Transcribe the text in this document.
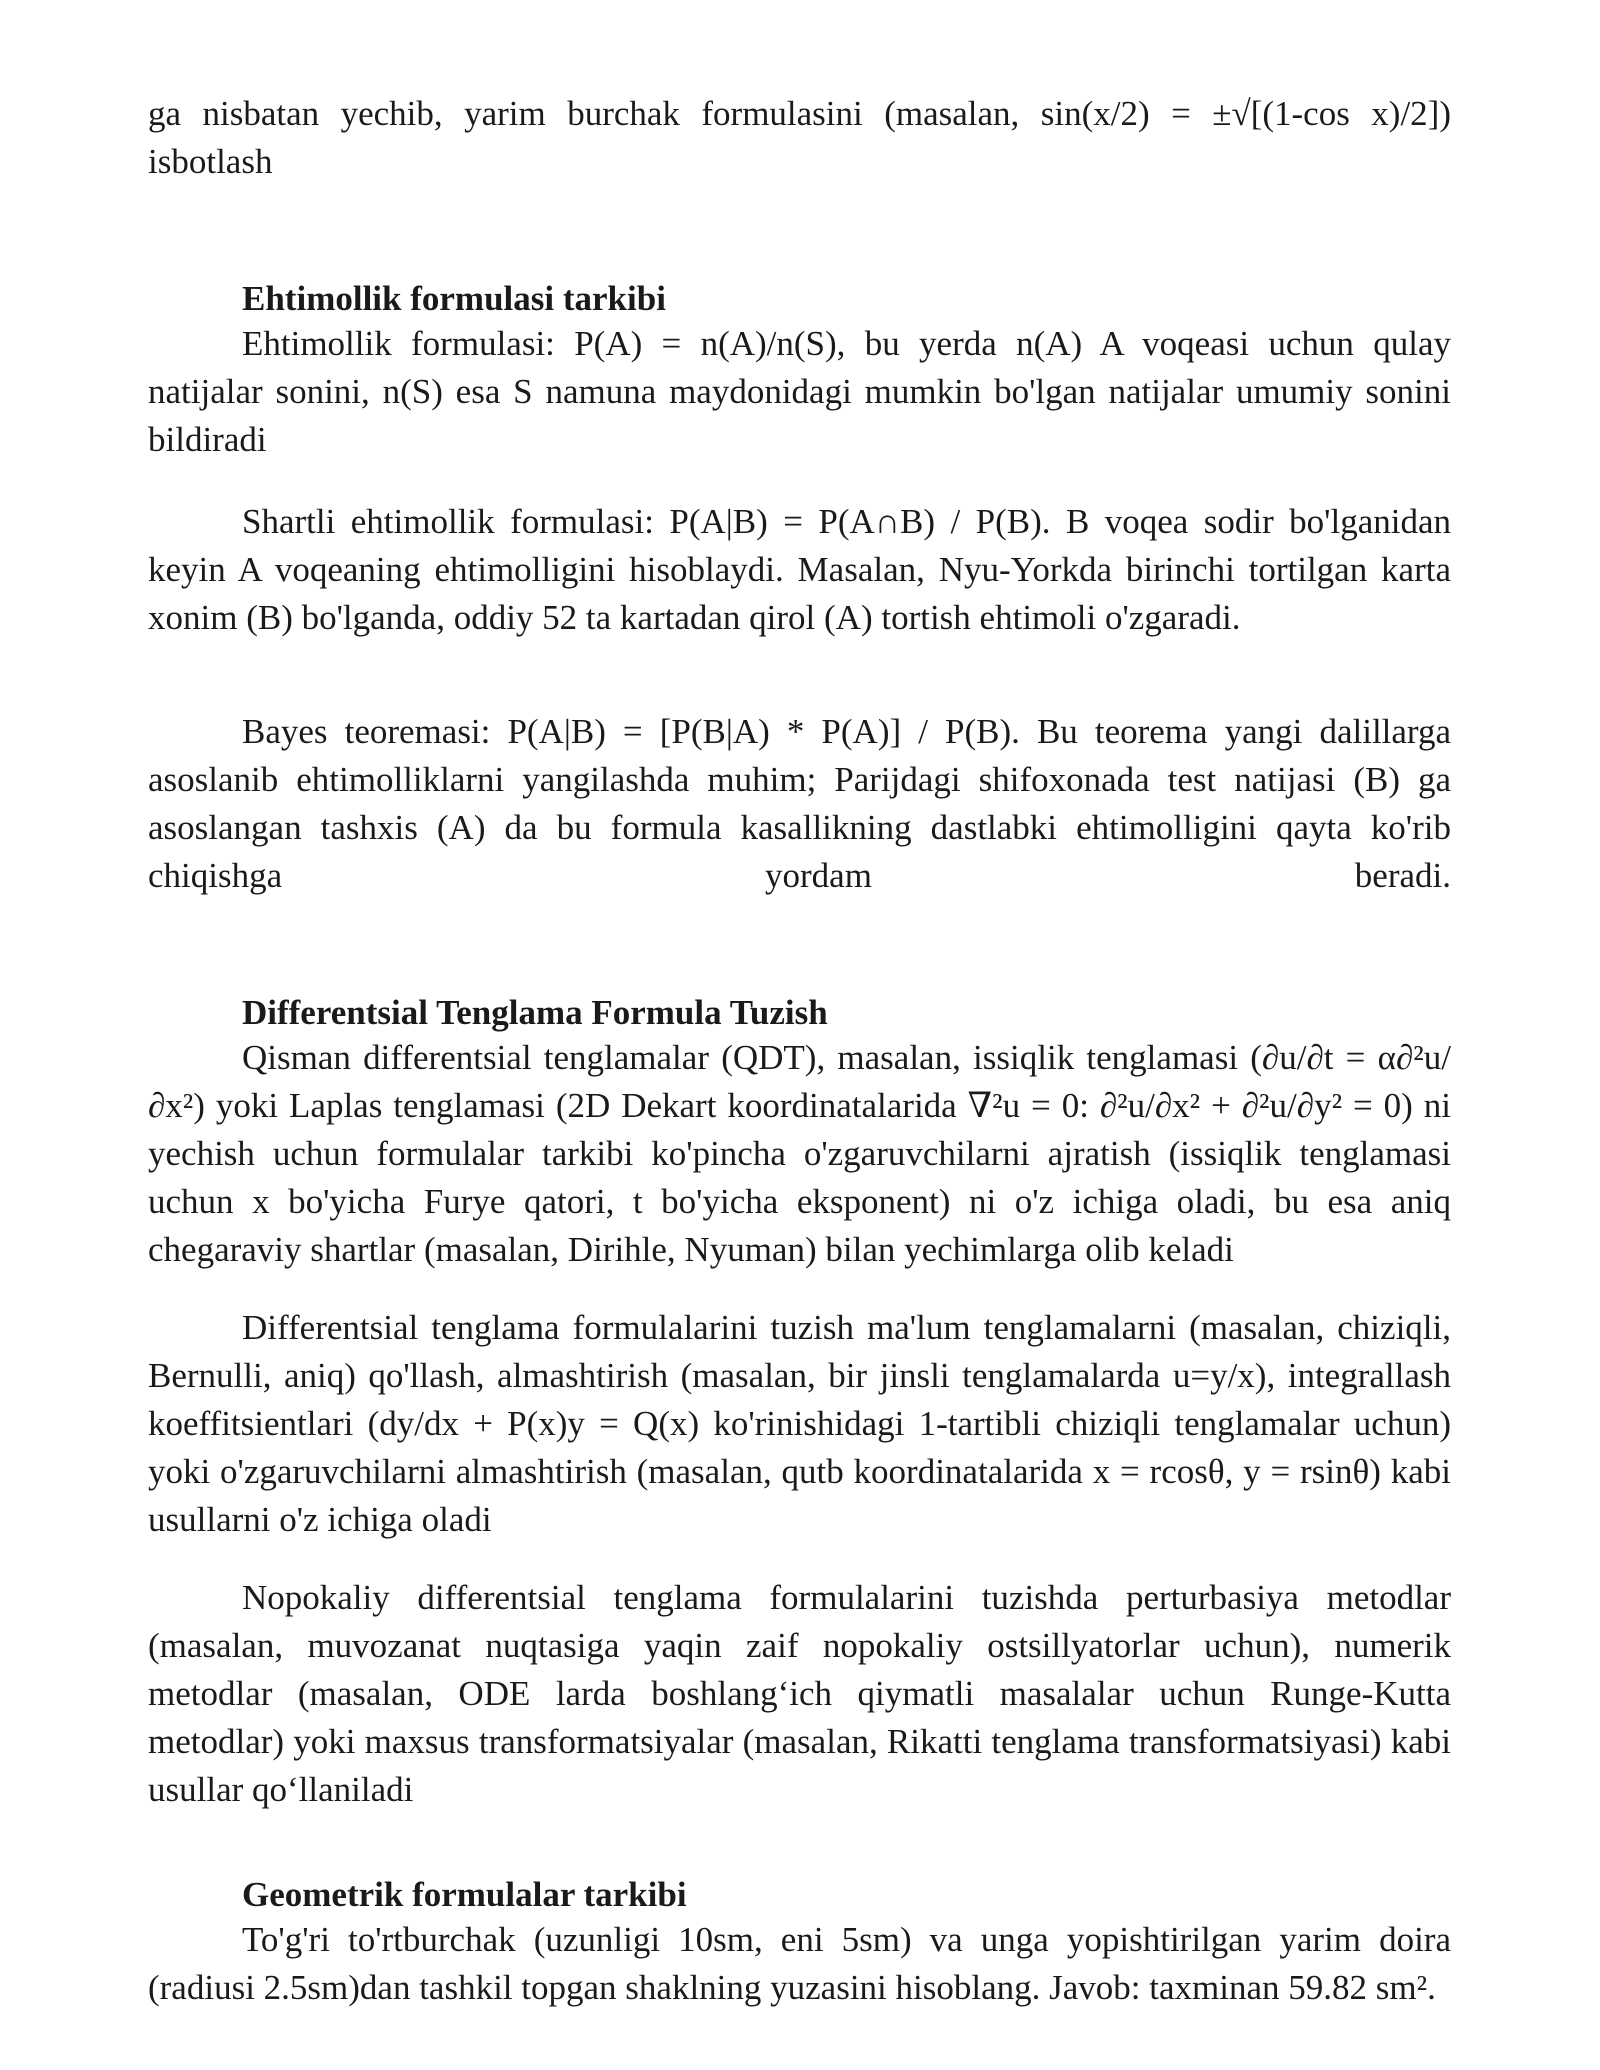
ga nisbatan yechib, yarim burchak formulasini (masalan, sin(x/2) = ±√[(1-cos x)/2]) isbotlash

Ehtimollik formulasi tarkibi

Ehtimollik formulasi: P(A) = n(A)/n(S), bu yerda n(A) A voqeasi uchun qulay natijalar sonini, n(S) esa S namuna maydonidagi mumkin bo'lgan natijalar umumiy sonini bildiradi

Shartli ehtimollik formulasi: P(A|B) = P(A∩B) / P(B). B voqea sodir bo'lganidan keyin A voqeaning ehtimolligini hisoblaydi. Masalan, Nyu-Yorkda birinchi tortilgan karta xonim (B) bo'lganda, oddiy 52 ta kartadan qirol (A) tortish ehtimoli o'zgaradi.

Bayes teoremasi: P(A|B) = [P(B|A) * P(A)] / P(B). Bu teorema yangi dalillarga asoslanib ehtimolliklarni yangilashda muhim; Parijdagi shifoxonada test natijasi (B) ga asoslangan tashxis (A) da bu formula kasallikning dastlabki ehtimolligini qayta ko'rib chiqishga yordam beradi.

Differentsial Tenglama Formula Tuzish

Qisman differentsial tenglamalar (QDT), masalan, issiqlik tenglamasi (∂u/∂t = α∂²u/∂x²) yoki Laplas tenglamasi (2D Dekart koordinatalarida ∇²u = 0: ∂²u/∂x² + ∂²u/∂y² = 0) ni yechish uchun formulalar tarkibi ko'pincha o'zgaruvchilarni ajratish (issiqlik tenglamasi uchun x bo'yicha Furye qatori, t bo'yicha eksponent) ni o'z ichiga oladi, bu esa aniq chegaraviy shartlar (masalan, Dirihle, Nyuman) bilan yechimlarga olib keladi

Differentsial tenglama formulalarini tuzish ma'lum tenglamalarni (masalan, chiziqli, Bernulli, aniq) qo'llash, almashtirish (masalan, bir jinsli tenglamalarda u=y/x), integrallash koeffitsientlari (dy/dx + P(x)y = Q(x) ko'rinishidagi 1-tartibli chiziqli tenglamalar uchun) yoki o'zgaruvchilarni almashtirish (masalan, qutb koordinatalarida x = rcosθ, y = rsinθ) kabi usullarni o'z ichiga oladi

Nopokaliy differentsial tenglama formulalarini tuzishda perturbasiya metodlar (masalan, muvozanat nuqtasiga yaqin zaif nopokaliy ostsillyatorlar uchun), numerik metodlar (masalan, ODE larda boshlang‘ich qiymatli masalalar uchun Runge-Kutta metodlar) yoki maxsus transformatsiyalar (masalan, Rikatti tenglama transformatsiyasi) kabi usullar qo‘llaniladi

Geometrik formulalar tarkibi

To'g'ri to'rtburchak (uzunligi 10sm, eni 5sm) va unga yopishtirilgan yarim doira (radiusi 2.5sm)dan tashkil topgan shaklning yuzasini hisoblang. Javob: taxminan 59.82 sm².
